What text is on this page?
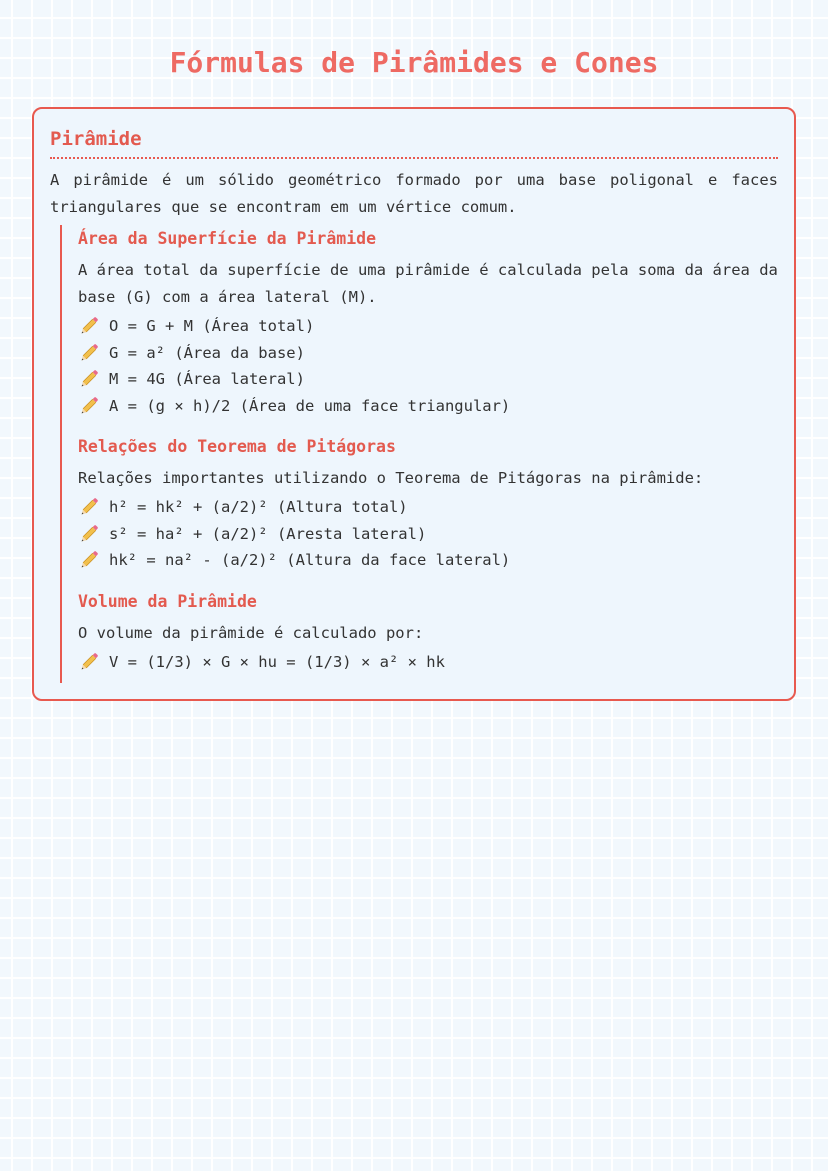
Fórmulas de Pirâmides e Cones
Pirâmide

A pirâmide é um sólido geométrico formado por uma base poligonal e faces triangulares que se encontram em um vértice comum.

Área da Superfície da Pirâmide

A área total da superfície de uma pirâmide é calculada pela soma da área da base (G) com a área lateral (M).

O = G + M (Área total)
G = a² (Área da base)
M = 4G (Área lateral)
A = (g × h)/2 (Área de uma face triangular)
Relações do Teorema de Pitágoras

Relações importantes utilizando o Teorema de Pitágoras na pirâmide:

h² = hk² + (a/2)² (Altura total)
s² = ha² + (a/2)² (Aresta lateral)
hk² = na² - (a/2)² (Altura da face lateral)
Volume da Pirâmide

O volume da pirâmide é calculado por:

V = (1/3) × G × hu = (1/3) × a² × hk
